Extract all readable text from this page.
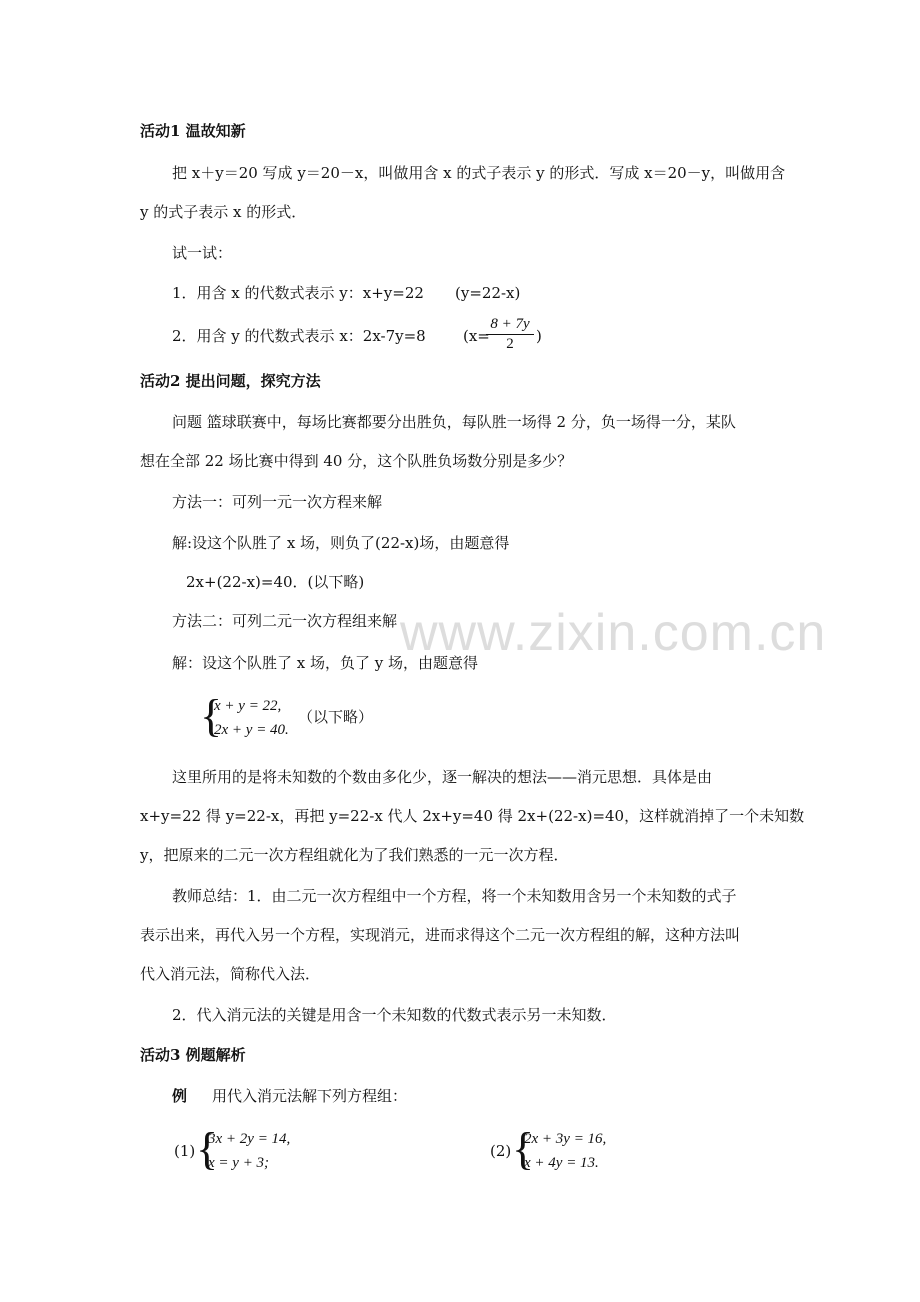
www.zixin.com.cn
活动1 温故知新
把 x＋y＝20 写成 y＝20－x，叫做用含 x 的式子表示 y 的形式．写成 x＝20－y，叫做用含
y 的式子表示 x 的形式．
试一试：
1．用含 x 的代数式表示 y：x+y=22 (y=22-x)
2．用含 y 的代数式表示 x：2x-7y=8 (x=
$\frac{8 + 7y}{2}$ )
活动2 提出问题，探究方法
问题 篮球联赛中，每场比赛都要分出胜负，每队胜一场得 2 分，负一场得一分，某队
想在全部 22 场比赛中得到 40 分，这个队胜负场数分别是多少？
方法一：可列一元一次方程来解
解:设这个队胜了 x 场，则负了(22-x)场，由题意得
2x+(22-x)=40．(以下略)
方法二：可列二元一次方程组来解
解：设这个队胜了 x 场，负了 y 场，由题意得
{
x + y = 22,
2x + y = 40.
（以下略）
这里所用的是将未知数的个数由多化少，逐一解决的想法——消元思想．具体是由
x+y=22 得 y=22-x，再把 y=22-x 代人 2x+y=40 得 2x+(22-x)=40，这样就消掉了一个未知数
y，把原来的二元一次方程组就化为了我们熟悉的一元一次方程．
教师总结：1．由二元一次方程组中一个方程，将一个未知数用含另一个未知数的式子
表示出来，再代入另一个方程，实现消元，进而求得这个二元一次方程组的解，这种方法叫
代入消元法，简称代入法．
2．代入消元法的关键是用含一个未知数的代数式表示另一未知数．
活动3 例题解析
例 用代入消元法解下列方程组：
(1) {
3x + 2y = 14,
x = y + 3;
(2) {
2x + 3y = 16,
x + 4y = 13.
